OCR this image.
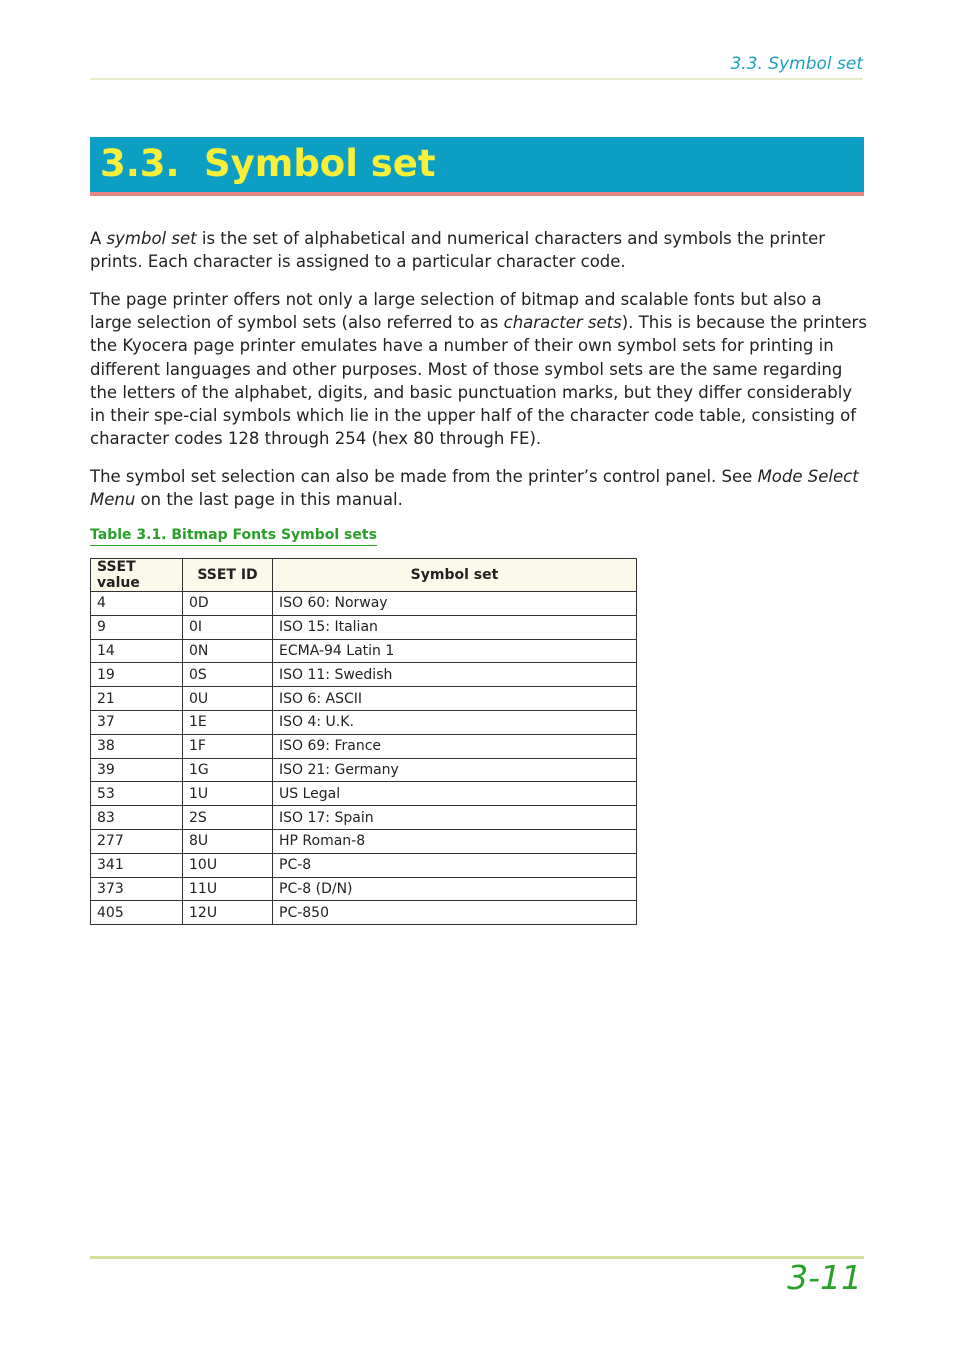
3.3. Symbol set
3.3. Symbol set

A symbol set is the set of alphabetical and numerical characters and symbols the printer prints. Each character is assigned to a particular character code.

The page printer offers not only a large selection of bitmap and scalable fonts but also a large selection of symbol sets (also referred to as character sets). This is because the printers the Kyocera page printer emulates have a number of their own symbol sets for printing in different languages and other purposes. Most of those symbol sets are the same regarding the letters of the alphabet, digits, and basic punctuation marks, but they differ considerably in their spe-cial symbols which lie in the upper half of the character code table, consisting of character codes 128 through 254 (hex 80 through FE).

The symbol set selection can also be made from the printer’s control panel. See Mode Select Menu on the last page in this manual.

Table 3.1. Bitmap Fonts Symbol sets
SSET value	SSET ID	Symbol set
4	0D	ISO 60: Norway
9	0I	ISO 15: Italian
14	0N	ECMA-94 Latin 1
19	0S	ISO 11: Swedish
21	0U	ISO 6: ASCII
37	1E	ISO 4: U.K.
38	1F	ISO 69: France
39	1G	ISO 21: Germany
53	1U	US Legal
83	2S	ISO 17: Spain
277	8U	HP Roman-8
341	10U	PC-8
373	11U	PC-8 (D/N)
405	12U	PC-850
3-11
